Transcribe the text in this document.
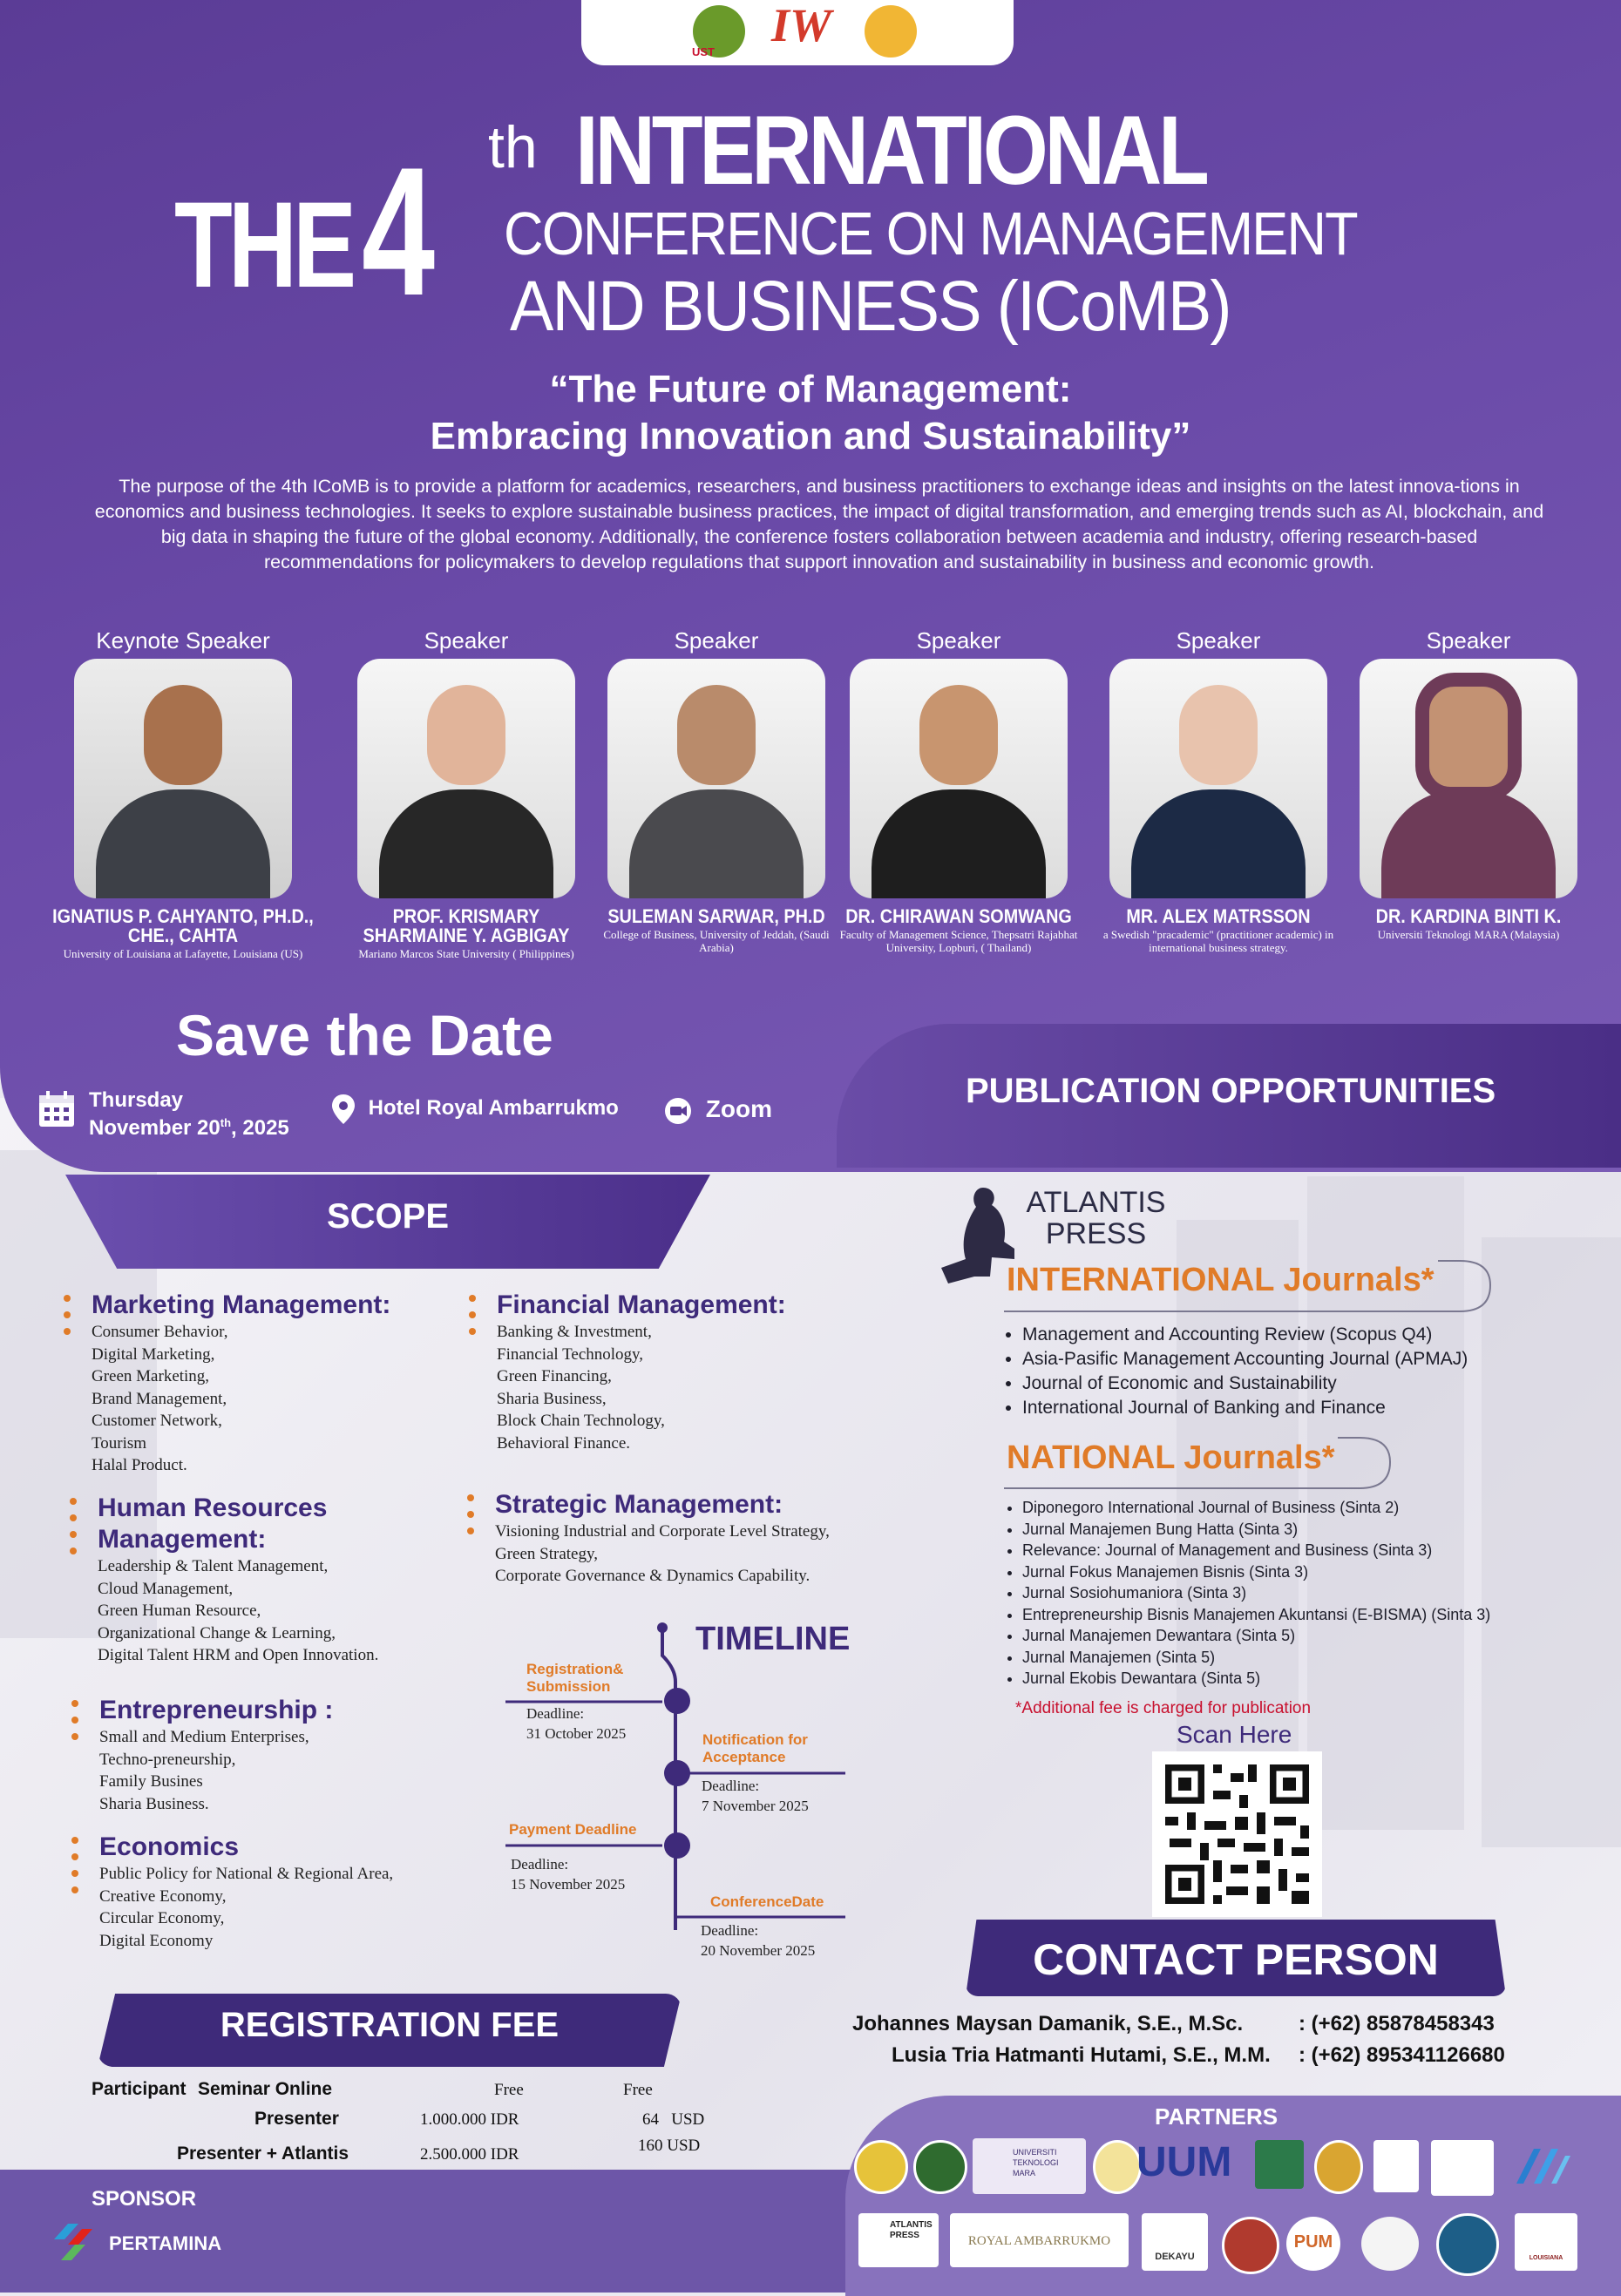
UST
IW
THE 4 th INTERNATIONAL
CONFERENCE ON MANAGEMENT
AND BUSINESS (ICoMB)
“The Future of Management:
Embracing Innovation and Sustainability”
The purpose of the 4th ICoMB is to provide a platform for academics, researchers, and business practitioners to exchange ideas and insights on the latest innova-tions in economics and business technologies. It seeks to explore sustainable business practices, the impact of digital transformation, and emerging trends such as AI, blockchain, and big data in shaping the future of the global economy. Additionally, the conference fosters collaboration between academia and industry, offering research-based recommendations for policymakers to develop regulations that support innovation and sustainability in business and economic growth.
Keynote Speaker
IGNATIUS P. CAHYANTO, PH.D., CHE., CAHTA
University of Louisiana at Lafayette, Louisiana (US)
Speaker
PROF. KRISMARY SHARMAINE Y. AGBIGAY
Mariano Marcos State University ( Philippines)
Speaker
SULEMAN SARWAR, PH.D
College of Business, University of Jeddah, (Saudi Arabia)
Speaker
DR. CHIRAWAN SOMWANG
Faculty of Management Science, Thepsatri Rajabhat University, Lopburi, ( Thailand)
Speaker
MR. ALEX MATRSSON
a Swedish "pracademic" (practitioner academic) in international business strategy.
Speaker
DR. KARDINA BINTI K.
Universiti Teknologi MARA (Malaysia)
Save the Date
Thursday
November 20th, 2025
Hotel Royal Ambarrukmo	Zoom	PUBLICATION OPPORTUNITIES
SCOPE
Marketing Management:
Consumer Behavior,
Digital Marketing,
Green Marketing,
Brand Management,
Customer Network,
Tourism
Halal Product.
Financial Management:
Banking & Investment,
Financial Technology,
Green Financing,
Sharia Business,
Block Chain Technology,
Behavioral Finance.
Human Resources Management:
Leadership & Talent Management,
Cloud Management,
Green Human Resource,
Organizational Change & Learning,
Digital Talent HRM and Open Innovation.
Strategic Management:
Visioning Industrial and Corporate Level Strategy,
Green Strategy,
Corporate Governance & Dynamics Capability.
Entrepreneurship :
Small and Medium Enterprises,
Techno-preneurship,
Family Busines
Sharia Business.
Economics
Public Policy for National & Regional Area,
Creative Economy,
Circular Economy,
Digital Economy
TIMELINE
Registration& Submission
Deadline:
31 October 2025	Notification for Acceptance
Deadline:
7 November 2025
Payment Deadline
Deadline:
15 November 2025
ConferenceDate
Deadline:
20 November 2025
REGISTRATION FEE
Participant Seminar Online	Free	Free
Presenter	1.000.000 IDR	64   USD
Presenter + Atlantis	2.500.000 IDR	160 USD
SPONSOR
PERTAMINA
ATLANTIS PRESS
INTERNATIONAL Journals*
• Management and Accounting Review (Scopus Q4)
• Asia-Pasific Management Accounting Journal (APMAJ)
• Journal of Economic and Sustainability
• International Journal of Banking and Finance
NATIONAL Journals*
• Diponegoro International Journal of Business (Sinta 2)
• Jurnal Manajemen Bung Hatta (Sinta 3)
• Relevance: Journal of Management and Business (Sinta 3)
• Jurnal Fokus Manajemen Bisnis (Sinta 3)
• Jurnal Sosiohumaniora (Sinta 3)
• Entrepreneurship Bisnis Manajemen Akuntansi (E-BISMA) (Sinta 3)
• Jurnal Manajemen Dewantara (Sinta 5)
• Jurnal Manajemen (Sinta 5)
• Jurnal Ekobis Dewantara (Sinta 5)
*Additional fee is charged for publication
Scan Here
CONTACT PERSON
Johannes Maysan Damanik, S.E., M.Sc.	: (+62) 85878458343
Lusia Tria Hatmanti Hutami, S.E., M.M. : (+62) 895341126680
PARTNERS
UNIVERSITI TEKNOLOGI MARA	UUM
ATLANTIS PRESS	ROYAL AMBARRUKMO
DEKAYU
PUM
LOUISIANA
